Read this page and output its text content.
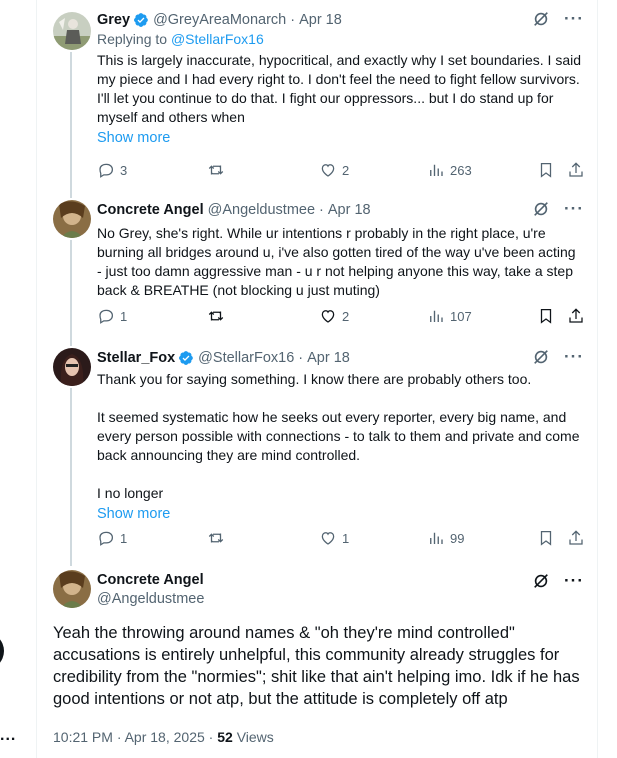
...
Grey @GreyAreaMonarch · Apr 18	···
Replying to @StellarFox16
This is largely inaccurate, hypocritical, and exactly why I set boundaries. I said my piece and I had every right to. I don't feel the need to fight fellow survivors. I'll let you continue to do that. I fight our oppressors... but I do stand up for myself and others when
Show more
3	2	263
Concrete Angel @Angeldustmee · Apr 18	···
No Grey, she's right. While ur intentions r probably in the right place, u're burning all bridges around u, i've also gotten tired of the way u've been acting - just too damn aggressive man - u r not helping anyone this way, take a step back & BREATHE (not blocking u just muting)
1	2	107
Stellar_Fox @StellarFox16 · Apr 18	···
Thank you for saying something. I know there are probably others too.

It seemed systematic how he seeks out every reporter, every big name, and every person possible with connections - to talk to them and private and come back announcing they are mind controlled.

I no longer
Show more
1	1	99
Concrete Angel
@Angeldustmee
···
Yeah the throwing around names & "oh they're mind controlled" accusations is entirely unhelpful, this community already struggles for credibility from the "normies"; shit like that ain't helping imo. Idk if he has good intentions or not atp, but the attitude is completely off atp
10:21 PM · Apr 18, 2025 · 52 Views
